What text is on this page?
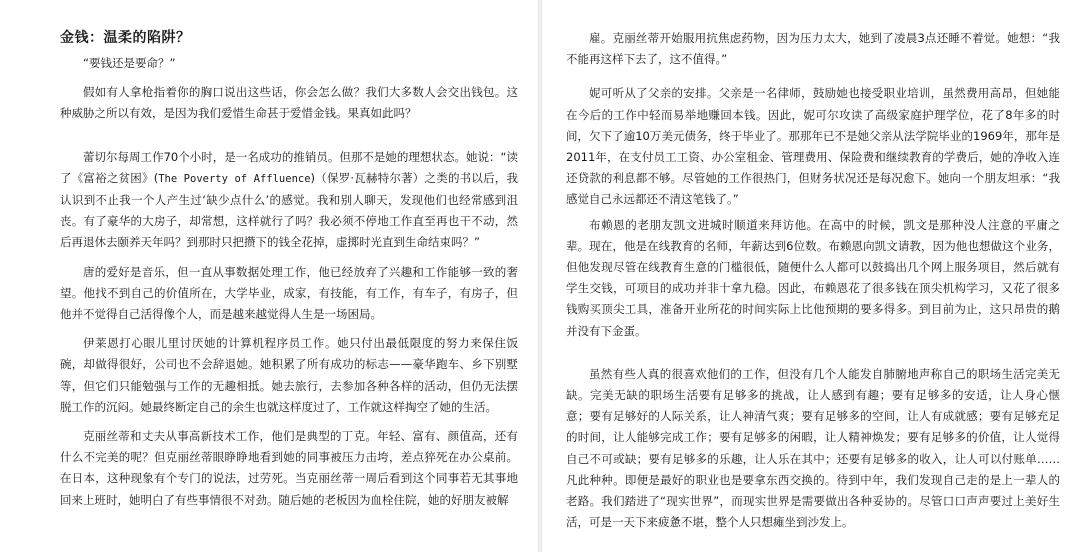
金钱：温柔的陷阱？

“要钱还是要命？”

假如有人拿枪指着你的胸口说出这些话，你会怎么做？我们大多数人会交出钱包。这种威胁之所以有效，是因为我们爱惜生命甚于爱惜金钱。果真如此吗？

蕾切尔每周工作70个小时，是一名成功的推销员。但那不是她的理想状态。她说：“读了《富裕之贫困》(The Poverty of Affluence)（保罗·瓦赫特尔著）之类的书以后，我认识到不止我一个人产生过‘缺少点什么’的感觉。我和别人聊天，发现他们也经常感到沮丧。有了豪华的大房子，却常想，这样就行了吗？我必须不停地工作直至再也干不动，然后再退休去颐养天年吗？到那时只把攒下的钱全花掉，虚掷时光直到生命结束吗？”

唐的爱好是音乐，但一直从事数据处理工作，他已经放弃了兴趣和工作能够一致的奢望。他找不到自己的价值所在，大学毕业，成家，有技能，有工作，有车子，有房子，但他并不觉得自己活得像个人，而是越来越觉得人生是一场困局。

伊莱恩打心眼儿里讨厌她的计算机程序员工作。她只付出最低限度的努力来保住饭碗，却做得很好，公司也不会辞退她。她积累了所有成功的标志——豪华跑车、乡下别墅等，但它们只能勉强与工作的无趣相抵。她去旅行，去参加各种各样的活动，但仍无法摆脱工作的沉闷。她最终断定自己的余生也就这样度过了，工作就这样掏空了她的生活。

克丽丝蒂和丈夫从事高新技术工作，他们是典型的丁克。年轻、富有、颜值高，还有什么不完美的呢？但克丽丝蒂眼睁睁地看到她的同事被压力击垮，差点猝死在办公桌前。在日本，这种现象有个专门的说法，过劳死。当克丽丝蒂一周后看到这个同事若无其事地回来上班时，她明白了有些事情很不对劲。随后她的老板因为血栓住院，她的好朋友被解

雇。克丽丝蒂开始服用抗焦虑药物，因为压力太大，她到了凌晨3点还睡不着觉。她想：“我不能再这样下去了，这不值得。”

妮可听从了父亲的安排。父亲是一名律师，鼓励她也接受职业培训，虽然费用高昂，但她能在今后的工作中轻而易举地赚回本钱。因此，妮可尔攻读了高级家庭护理学位，花了8年多的时间，欠下了逾10万美元债务，终于毕业了。那那年已不是她父亲从法学院毕业的1969年，那年是2011年，在支付员工工资、办公室租金、管理费用、保险费和继续教育的学费后，她的净收入连还贷款的利息都不够。尽管她的工作很热门，但财务状况还是每况愈下。她向一个朋友坦承：“我感觉自己永远都还不清这笔钱了。”

布赖恩的老朋友凯文进城时顺道来拜访他。在高中的时候，凯文是那种没人注意的平庸之辈。现在，他是在线教育的名师，年薪达到6位数。布赖恩向凯文请教，因为他也想做这个业务，但他发现尽管在线教育生意的门槛很低，随便什么人都可以鼓捣出几个网上服务项目，然后就有学生交钱，可项目的成功并非十拿九稳。因此，布赖恩花了很多钱在顶尖机构学习，又花了很多钱购买顶尖工具，准备开业所花的时间实际上比他预期的要多得多。到目前为止，这只昂贵的鹅并没有下金蛋。

虽然有些人真的很喜欢他们的工作，但没有几个人能发自肺腑地声称自己的职场生活完美无缺。完美无缺的职场生活要有足够多的挑战，让人感到有趣；要有足够多的安适，让人身心惬意；要有足够好的人际关系，让人神清气爽；要有足够多的空间，让人有成就感；要有足够充足的时间，让人能够完成工作；要有足够多的闲暇，让人精神焕发；要有足够多的价值，让人觉得自己不可或缺；要有足够多的乐趣，让人乐在其中；还要有足够多的收入，让人可以付账单……凡此种种。即便是最好的职业也是要拿东西交换的。待到中年，我们发现自己走的是上一辈人的老路。我们踏进了“现实世界”，而现实世界是需要做出各种妥协的。尽管口口声声要过上美好生活，可是一天下来疲惫不堪，整个人只想瘫坐到沙发上。
